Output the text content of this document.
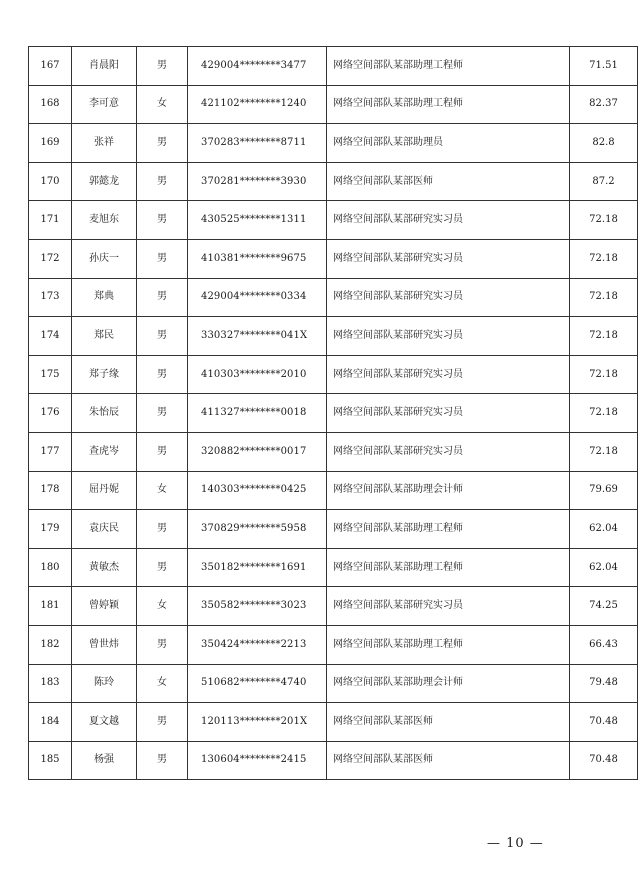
167	肖晨阳	男	429004********3477	网络空间部队某部助理工程师	71.51
168	李可意	女	421102********1240	网络空间部队某部助理工程师	82.37
169	张祥	男	370283********8711	网络空间部队某部助理员	82.8
170	郭懿龙	男	370281********3930	网络空间部队某部医师	87.2
171	麦旭东	男	430525********1311	网络空间部队某部研究实习员	72.18
172	孙庆一	男	410381********9675	网络空间部队某部研究实习员	72.18
173	郑典	男	429004********0334	网络空间部队某部研究实习员	72.18
174	郑民	男	330327********041X	网络空间部队某部研究实习员	72.18
175	郑子缘	男	410303********2010	网络空间部队某部研究实习员	72.18
176	朱怡辰	男	411327********0018	网络空间部队某部研究实习员	72.18
177	查虎岑	男	320882********0017	网络空间部队某部研究实习员	72.18
178	屈丹妮	女	140303********0425	网络空间部队某部助理会计师	79.69
179	袁庆民	男	370829********5958	网络空间部队某部助理工程师	62.04
180	黄敏杰	男	350182********1691	网络空间部队某部助理工程师	62.04
181	曾婷颖	女	350582********3023	网络空间部队某部研究实习员	74.25
182	曾世炜	男	350424********2213	网络空间部队某部助理工程师	66.43
183	陈玲	女	510682********4740	网络空间部队某部助理会计师	79.48
184	夏文越	男	120113********201X	网络空间部队某部医师	70.48
185	杨强	男	130604********2415	网络空间部队某部医师	70.48
— 10 —
